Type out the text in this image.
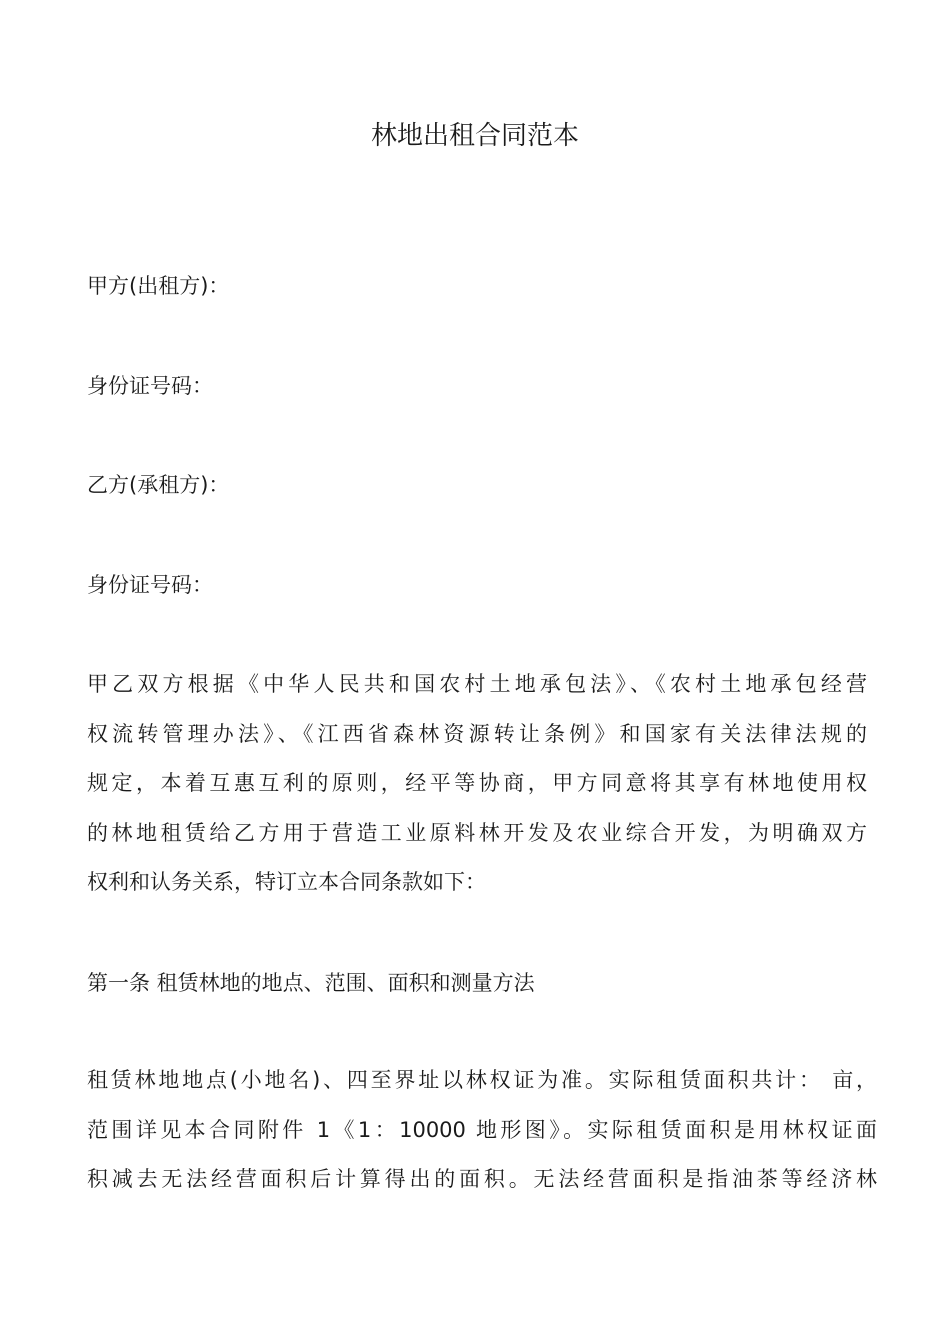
林地出租合同范本
甲方(出租方)：
身份证号码：
乙方(承租方)：
身份证号码：
甲乙双方根据《中华人民共和国农村土地承包法》、《农村土地承包经营
权流转管理办法》、《江西省森林资源转让条例》和国家有关法律法规的
规定，本着互惠互利的原则，经平等协商，甲方同意将其享有林地使用权
的林地租赁给乙方用于营造工业原料林开发及农业综合开发，为明确双方
权利和认务关系，特订立本合同条款如下：
第一条 租赁林地的地点、范围、面积和测量方法
租赁林地地点(小地名)、四至界址以林权证为准。实际租赁面积共计： 亩，
范围详见本合同附件 1《1：10000 地形图》。实际租赁面积是用林权证面
积减去无法经营面积后计算得出的面积。无法经营面积是指油茶等经济林
